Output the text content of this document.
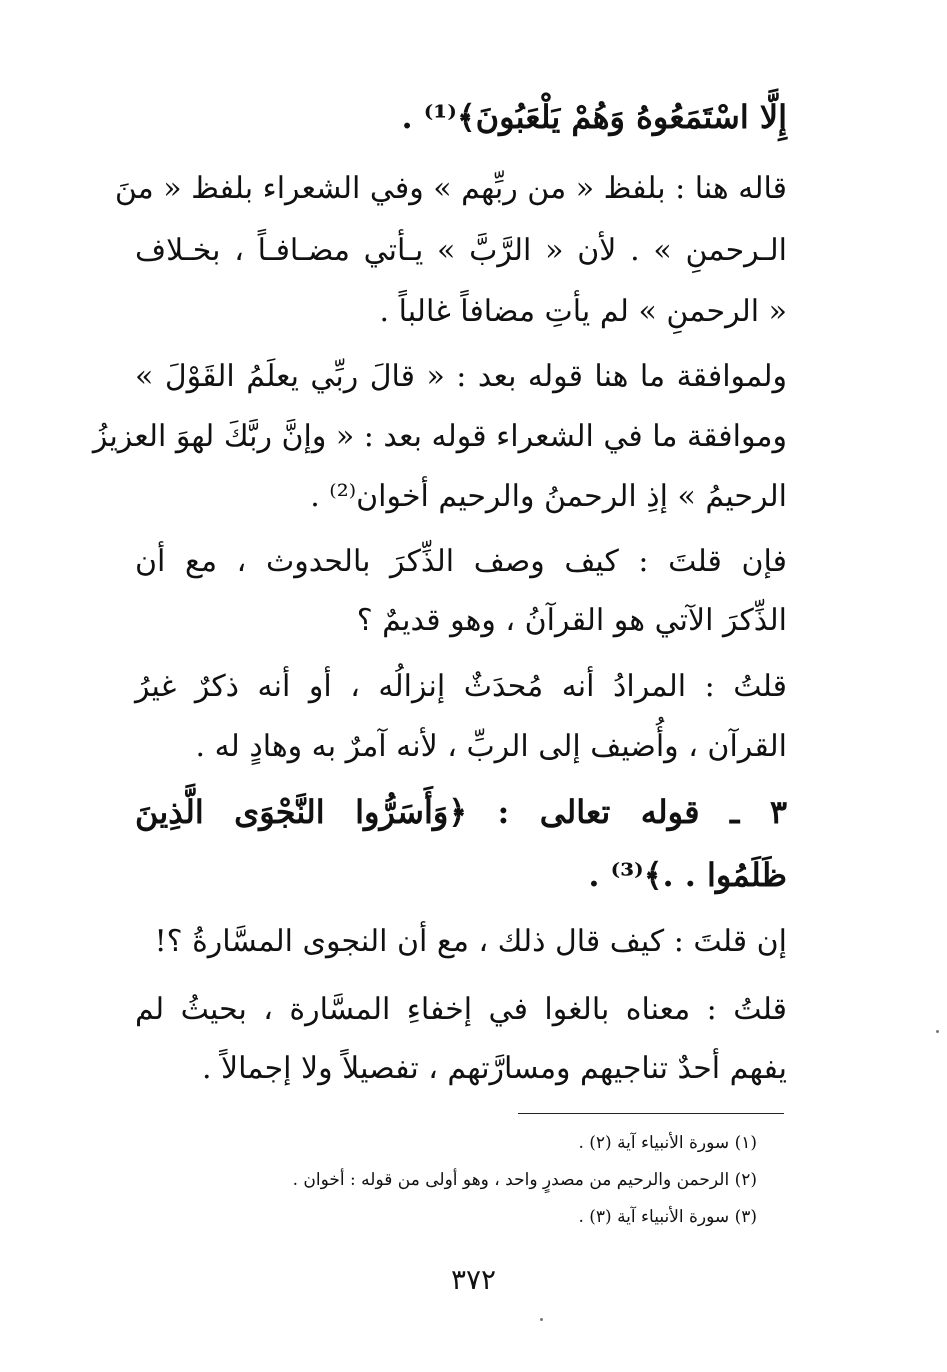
إِلَّا اسْتَمَعُوهُ وَهُمْ يَلْعَبُونَ﴾⁽¹⁾ .
قاله هنا : بلفظ « من ربِّهم » وفي الشعراء بلفظ « منَ
الـرحمنِ » . لأن « الرَّبَّ » يـأتي مضـافـاً ، بخـلاف
« الرحمنِ » لم يأتِ مضافاً غالباً .
ولموافقة ما هنا قوله بعد : « قالَ ربِّي يعلَمُ القَوْلَ »
وموافقة ما في الشعراء قوله بعد : « وإنَّ ربَّكَ لهوَ العزيزُ
الرحيمُ » إذِ الرحمنُ والرحيم أخوان⁽²⁾ .
فإن قلتَ : كيف وصف الذِّكرَ بالحدوث ، مع أن
الذِّكرَ الآتي هو القرآنُ ، وهو قديمٌ ؟
قلتُ : المرادُ أنه مُحدَثٌ إنزالُه ، أو أنه ذكرٌ غيرُ
القرآن ، وأُضيف إلى الربِّ ، لأنه آمرٌ به وهادٍ له .
٣ ـ قوله تعالى : ﴿وَأَسَرُّوا النَّجْوَى الَّذِينَ
ظَلَمُوا . .﴾⁽³⁾ .
إن قلتَ : كيف قال ذلك ، مع أن النجوى المسَّارةُ ؟!
قلتُ : معناه بالغوا في إخفاءِ المسَّارة ، بحيثُ لم
يفهم أحدٌ تناجيهم ومسارَّتهم ، تفصيلاً ولا إجمالاً .
(١) سورة الأنبياء آية (٢) .
(٢) الرحمن والرحيم من مصدرٍ واحد ، وهو أولى من قوله : أخوان .
(٣) سورة الأنبياء آية (٣) .
٣٧٢
